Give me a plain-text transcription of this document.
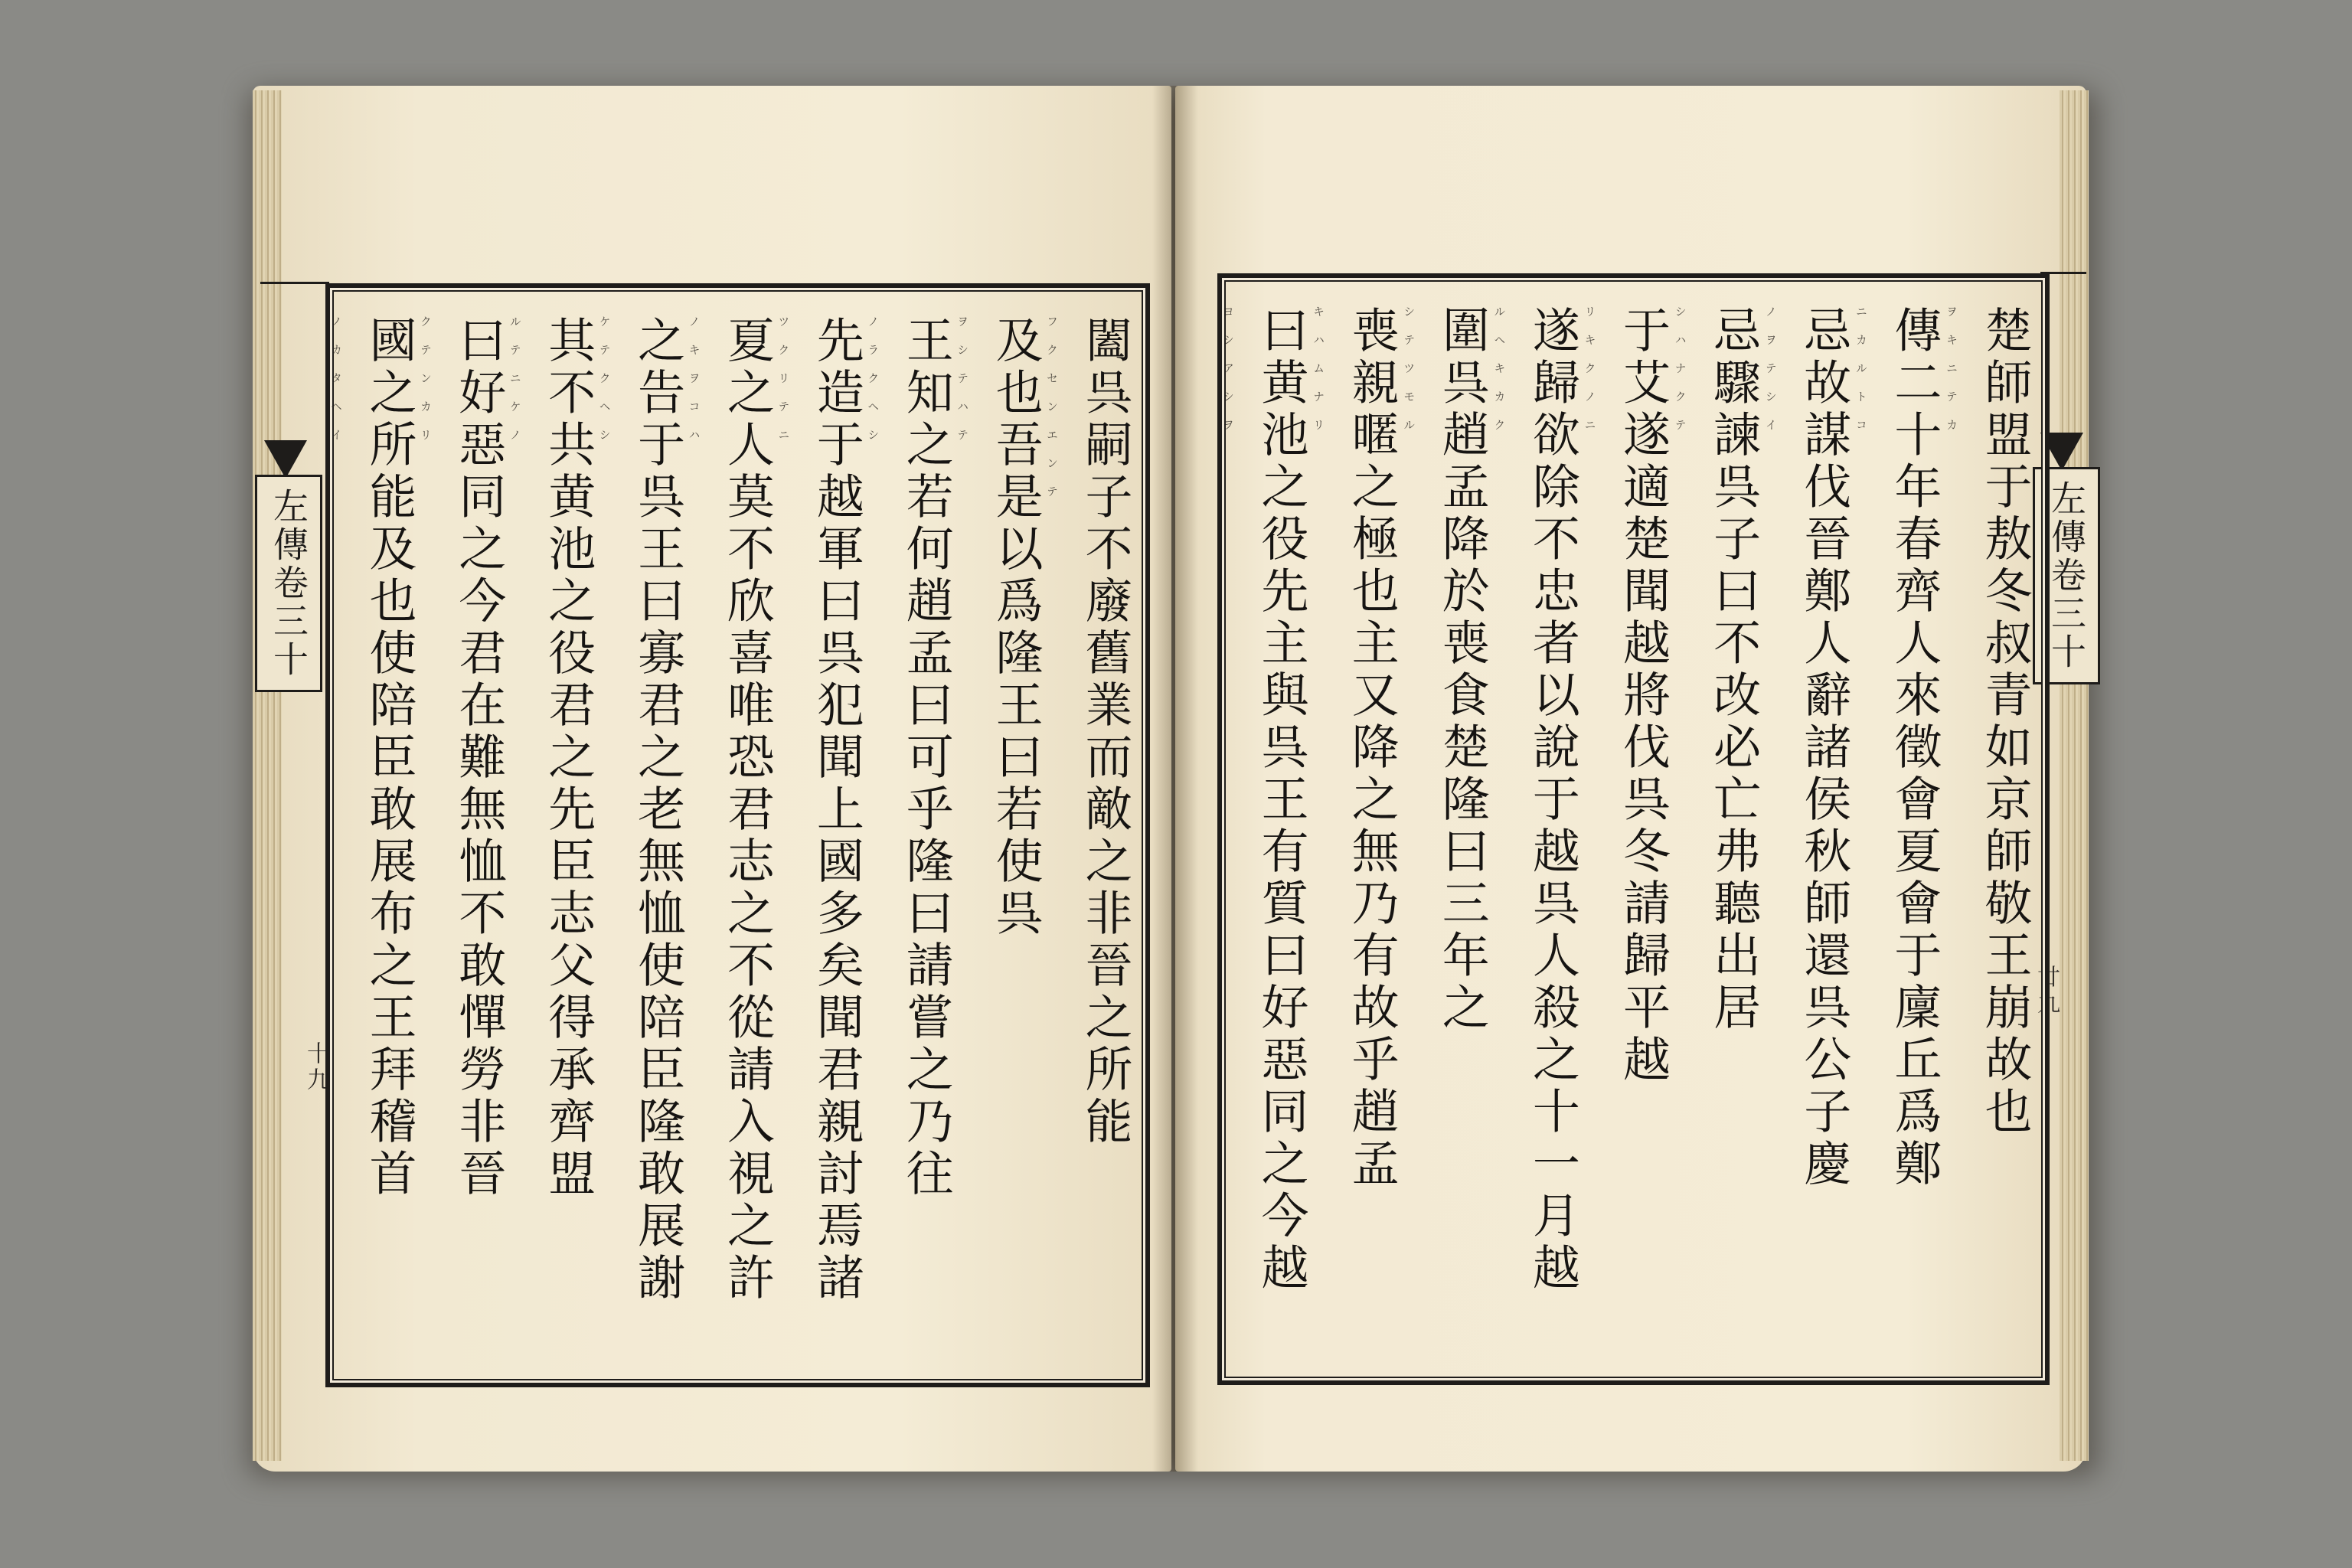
左傳卷三十	左傳卷三十
十九
廿九
闔呉嗣子不廢舊業而敵之非晉之所能
フクセンエンテ
及也吾是以爲隆王曰若使呉
ヲシテハテ
王知之若何趙孟曰可乎隆曰請嘗之乃往
ノラクヘシ
先造于越軍曰呉犯聞上國多矣聞君親討焉諸
ツクリテニ
夏之人莫不欣喜唯恐君志之不從請入視之許
ノキヲコハ
之告于呉王曰寡君之老無恤使陪臣隆敢展謝
ケテクヘシ
其不共黄池之役君之先臣志父得承齊盟
ルテニケノ
曰好惡同之今君在難無恤不敢憚勞非晉
クテンカリ
國之所能及也使陪臣敢展布之王拜稽首
ノカタヘイ	楚師盟于敖冬叔青如京師敬王崩故也
ヲキニテカ
傳二十年春齊人來徵會夏會于廩丘爲鄭
ニカルトコ
忌故謀伐晉鄭人辭諸侯秋師還呉公子慶
ノヲテシイ
忌驟諫呉子曰不改必亡弗聽出居
シハナクテ
于艾遂適楚聞越將伐呉冬請歸平越
リキクノニ
遂歸欲除不忠者以說于越呉人殺之十一月越
ルヘキカク
圍呉趙孟降於喪食楚隆曰三年之
シテツモル
喪親暱之極也主又降之無乃有故乎趙孟
キハムナリ
曰黄池之役先主與呉王有質曰好惡同之今越
ヨシアシヲ
